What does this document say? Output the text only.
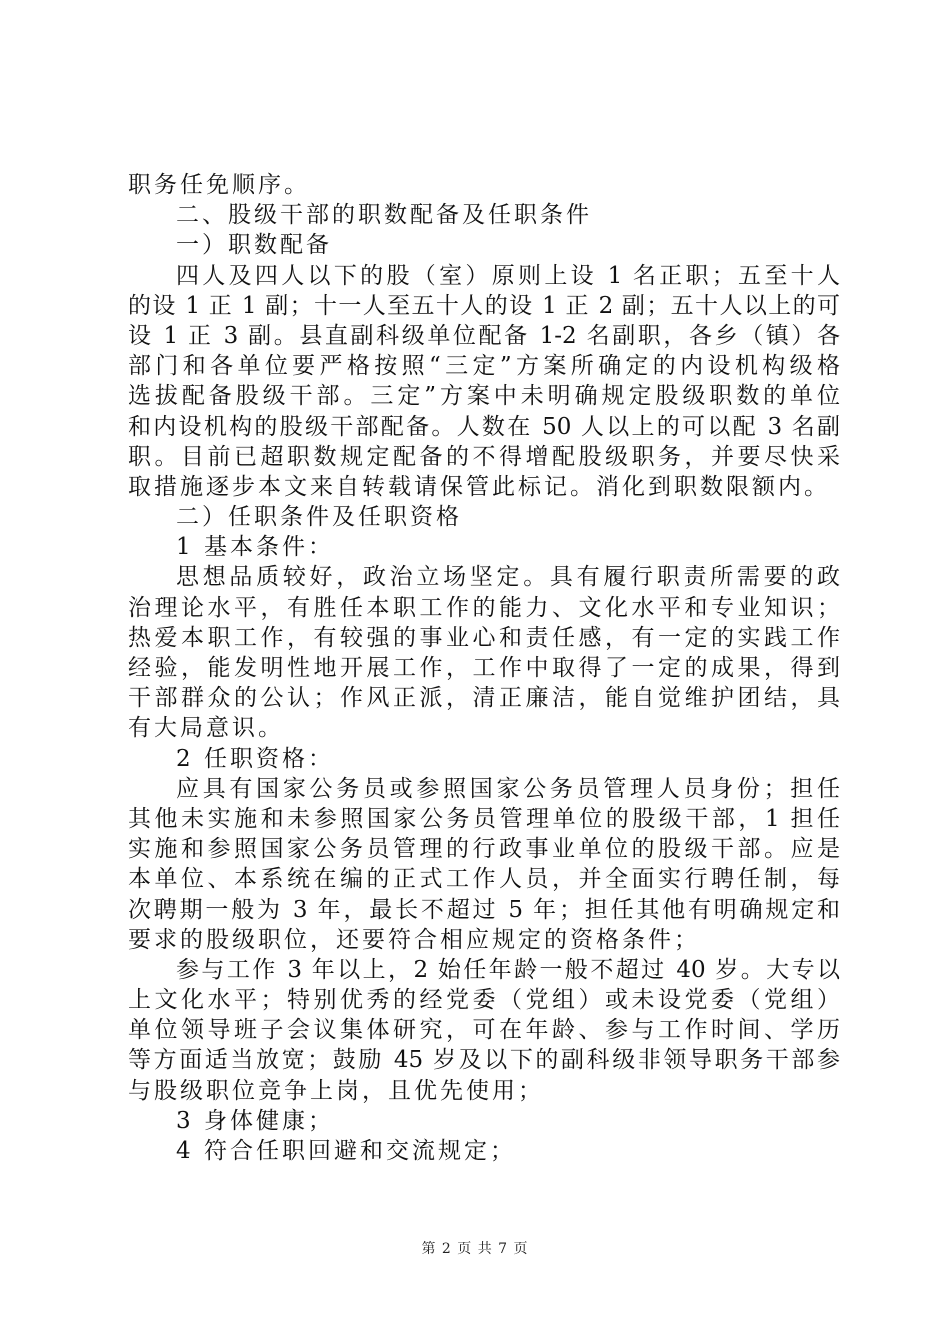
职务任免顺序。
二、股级干部的职数配备及任职条件
一）职数配备
四人及四人以下的股（室）原则上设 1 名正职；五至十人
的设 1 正 1 副；十一人至五十人的设 1 正 2 副；五十人以上的可
设 1 正 3 副。县直副科级单位配备 1-2 名副职，各乡（镇）各
部门和各单位要严格按照“三定”方案所确定的内设机构级格
选拔配备股级干部。三定”方案中未明确规定股级职数的单位
和内设机构的股级干部配备。人数在 50 人以上的可以配 3 名副
职。目前已超职数规定配备的不得增配股级职务，并要尽快采
取措施逐步本文来自转载请保管此标记。消化到职数限额内。
二）任职条件及任职资格
1 基本条件：
思想品质较好，政治立场坚定。具有履行职责所需要的政
治理论水平，有胜任本职工作的能力、文化水平和专业知识；
热爱本职工作，有较强的事业心和责任感，有一定的实践工作
经验，能发明性地开展工作，工作中取得了一定的成果，得到
干部群众的公认；作风正派，清正廉洁，能自觉维护团结，具
有大局意识。
2 任职资格：
应具有国家公务员或参照国家公务员管理人员身份；担任
其他未实施和未参照国家公务员管理单位的股级干部，1 担任
实施和参照国家公务员管理的行政事业单位的股级干部。应是
本单位、本系统在编的正式工作人员，并全面实行聘任制，每
次聘期一般为 3 年，最长不超过 5 年；担任其他有明确规定和
要求的股级职位，还要符合相应规定的资格条件；
参与工作 3 年以上，2 始任年龄一般不超过 40 岁。大专以
上文化水平；特别优秀的经党委（党组）或未设党委（党组）
单位领导班子会议集体研究，可在年龄、参与工作时间、学历
等方面适当放宽；鼓励 45 岁及以下的副科级非领导职务干部参
与股级职位竞争上岗，且优先使用；
3 身体健康；
4 符合任职回避和交流规定；
第 2 页 共 7 页
